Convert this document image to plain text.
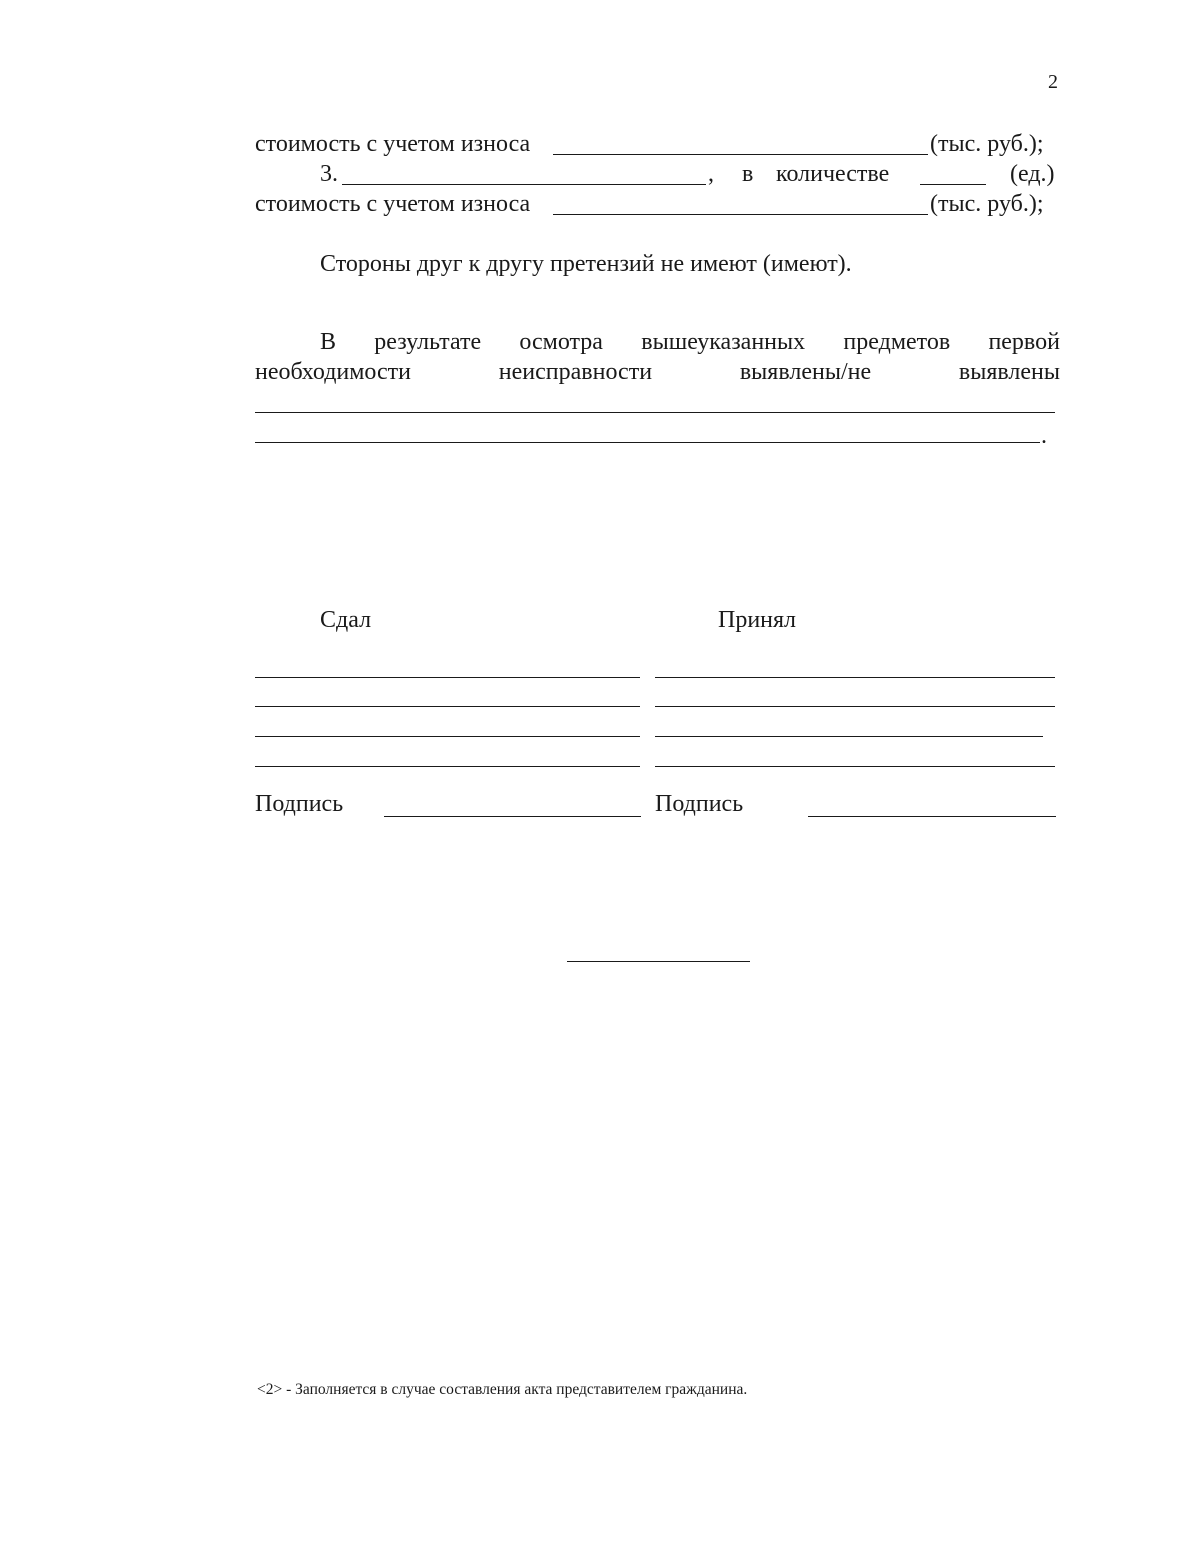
2
стоимость с учетом износа	(тыс. руб.);
3.	, в количестве	(ед.)
стоимость с учетом износа	(тыс. руб.);
Стороны друг к другу претензий не имеют (имеют).
В результате осмотра вышеуказанных предметов первой
необходимости	неисправности	выявлены/не	выявлены
.
Сдал	Принял
Подпись	Подпись
<2> - Заполняется в случае составления акта представителем гражданина.
